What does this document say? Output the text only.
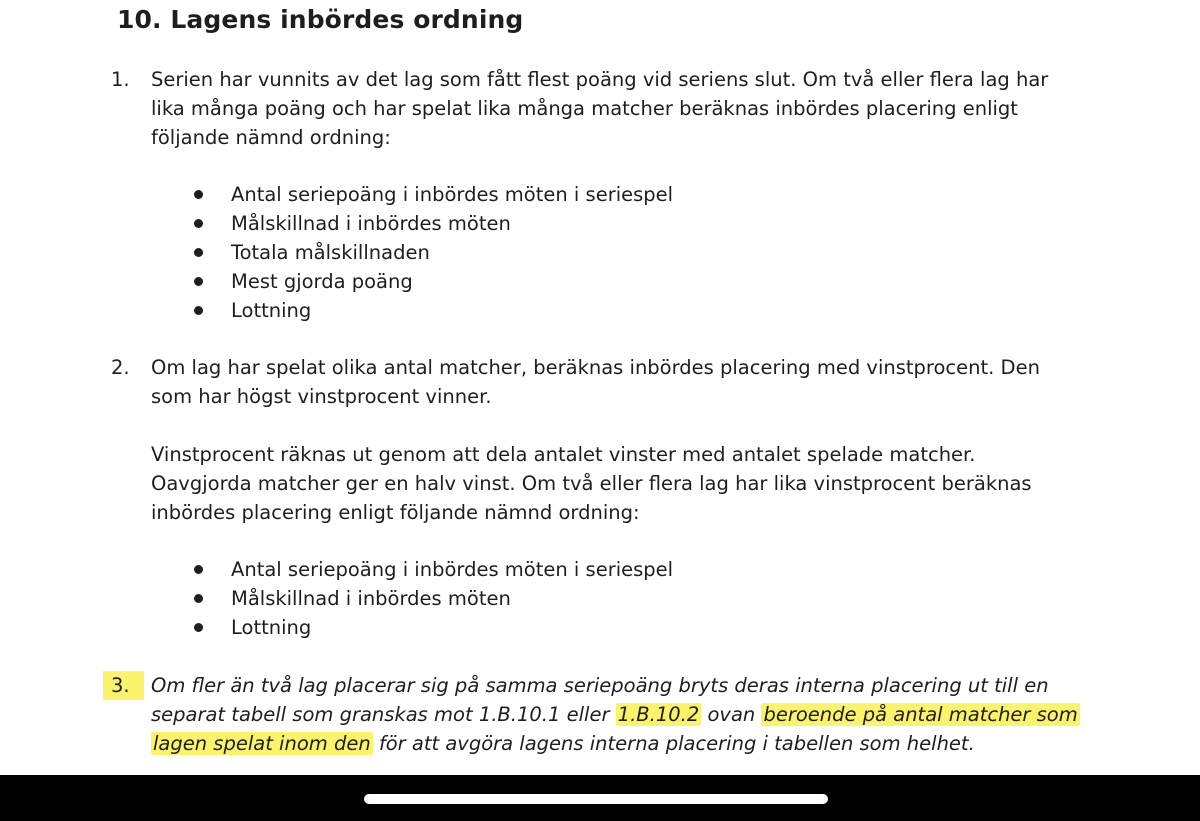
10. Lagens inbördes ordning
1. Serien har vunnits av det lag som fått flest poäng vid seriens slut. Om två eller flera lag har
lika många poäng och har spelat lika många matcher beräknas inbördes placering enligt
följande nämnd ordning:

Antal seriepoäng i inbördes möten i seriespel
Målskillnad i inbördes möten
Totala målskillnaden
Mest gjorda poäng
Lottning
2. Om lag har spelat olika antal matcher, beräknas inbördes placering med vinstprocent. Den
som har högst vinstprocent vinner.

Vinstprocent räknas ut genom att dela antalet vinster med antalet spelade matcher.
Oavgjorda matcher ger en halv vinst. Om två eller flera lag har lika vinstprocent beräknas
inbördes placering enligt följande nämnd ordning:

Antal seriepoäng i inbördes möten i seriespel
Målskillnad i inbördes möten
Lottning
3.	Om fler än två lag placerar sig på samma seriepoäng bryts deras interna placering ut till en
separat tabell som granskas mot 1.B.10.1 eller 1.B.10.2 ovan beroende på antal matcher som
lagen spelat inom den för att avgöra lagens interna placering i tabellen som helhet.
